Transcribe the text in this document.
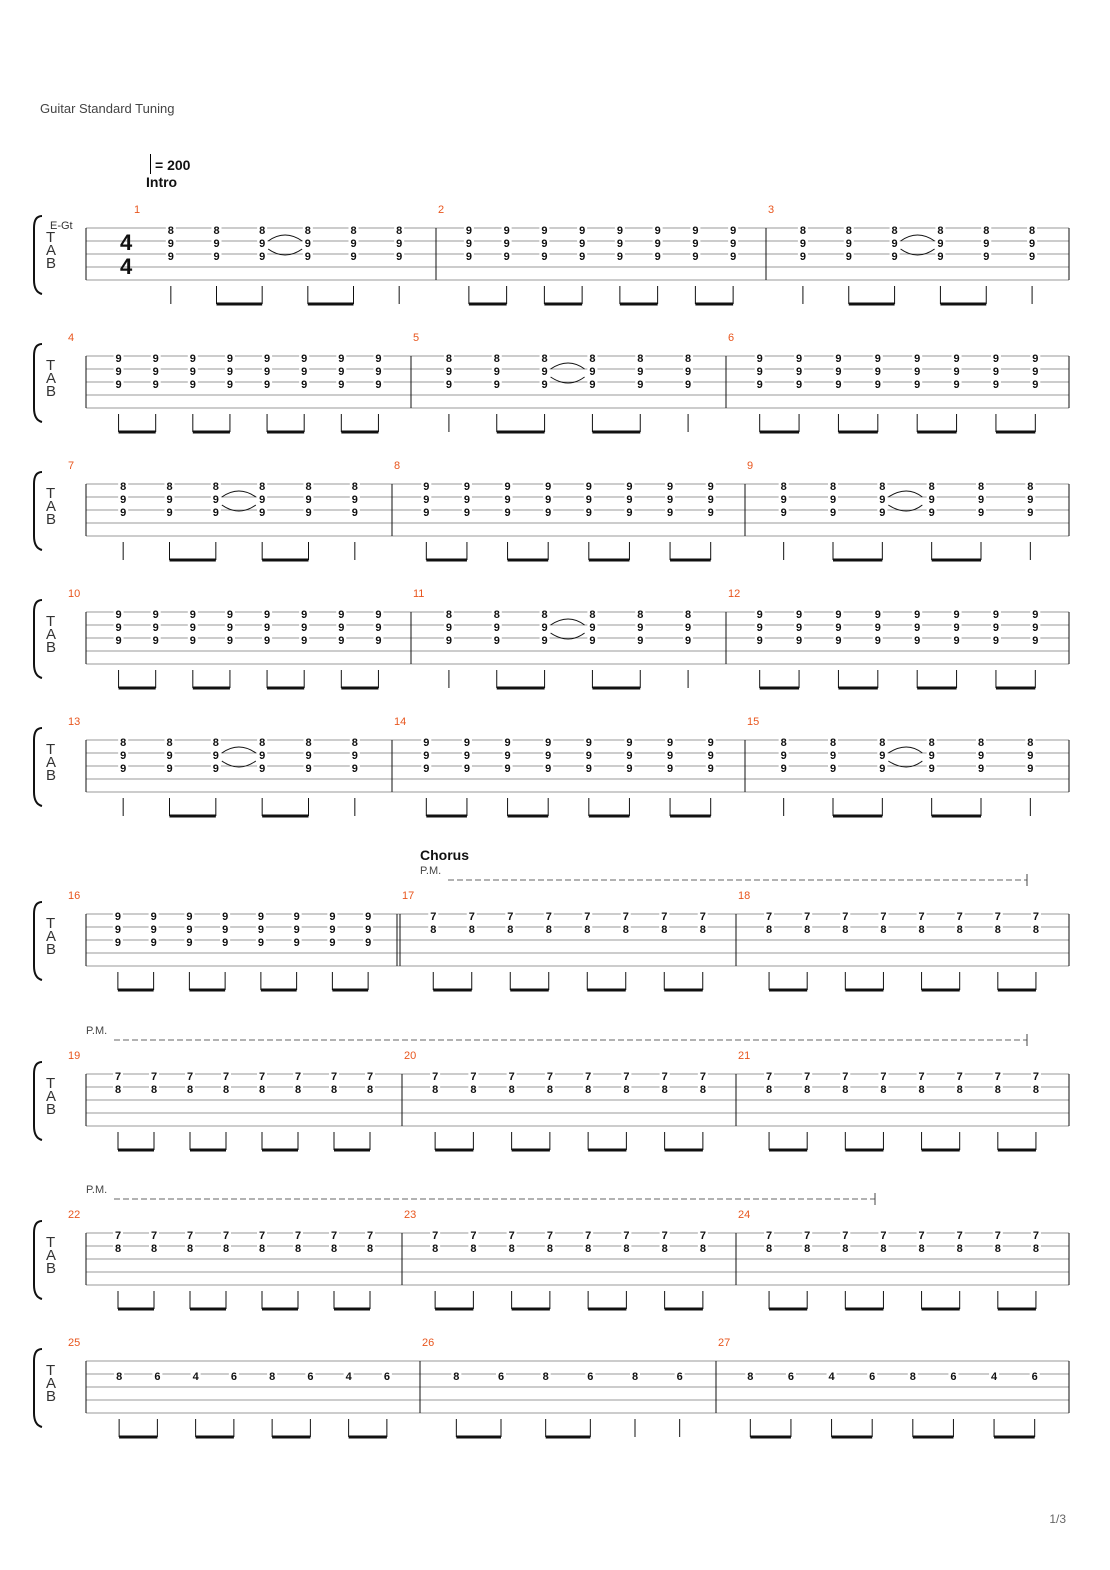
Guitar Standard Tuning
= 200
Intro
Chorus
E-Gt
T
A
B
4
4
1
8
9
9
8
9
9
8
9
9
8
9
9
8
9
9
8
9
9
2
9
9
9
9
9
9
9
9
9
9
9
9
9
9
9
9
9
9
9
9
9
9
9
9
3
8
9
9
8
9
9
8
9
9
8
9
9
8
9
9
8
9
9
T
A
B
4
9
9
9
9
9
9
9
9
9
9
9
9
9
9
9
9
9
9
9
9
9
9
9
9
5
8
9
9
8
9
9
8
9
9
8
9
9
8
9
9
8
9
9
6
9
9
9
9
9
9
9
9
9
9
9
9
9
9
9
9
9
9
9
9
9
9
9
9
T
A
B
7
8
9
9
8
9
9
8
9
9
8
9
9
8
9
9
8
9
9
8
9
9
9
9
9
9
9
9
9
9
9
9
9
9
9
9
9
9
9
9
9
9
9
9
9
8
9
9
8
9
9
8
9
9
8
9
9
8
9
9
8
9
9
T
A
B
10
9
9
9
9
9
9
9
9
9
9
9
9
9
9
9
9
9
9
9
9
9
9
9
9
11
8
9
9
8
9
9
8
9
9
8
9
9
8
9
9
8
9
9
12
9
9
9
9
9
9
9
9
9
9
9
9
9
9
9
9
9
9
9
9
9
9
9
9
T
A
B
13
8
9
9
8
9
9
8
9
9
8
9
9
8
9
9
8
9
9
14
9
9
9
9
9
9
9
9
9
9
9
9
9
9
9
9
9
9
9
9
9
9
9
9
15
8
9
9
8
9
9
8
9
9
8
9
9
8
9
9
8
9
9
T
A
B
16
9
9
9
9
9
9
9
9
9
9
9
9
9
9
9
9
9
9
9
9
9
9
9
9
17
7
8
7
8
7
8
7
8
7
8
7
8
7
8
7
8
18
7
8
7
8
7
8
7
8
7
8
7
8
7
8
7
8
T
A
B
19
7
8
7
8
7
8
7
8
7
8
7
8
7
8
7
8
20
7
8
7
8
7
8
7
8
7
8
7
8
7
8
7
8
21
7
8
7
8
7
8
7
8
7
8
7
8
7
8
7
8
T
A
B
22
7
8
7
8
7
8
7
8
7
8
7
8
7
8
7
8
23
7
8
7
8
7
8
7
8
7
8
7
8
7
8
7
8
24
7
8
7
8
7
8
7
8
7
8
7
8
7
8
7
8
T
A
B
25
8	6	4	6	8	6	4	6
26
8	6	8	6	8	6
27
8	6	4	6	8	6	4	6
P.M.
P.M.
P.M.
1/3
